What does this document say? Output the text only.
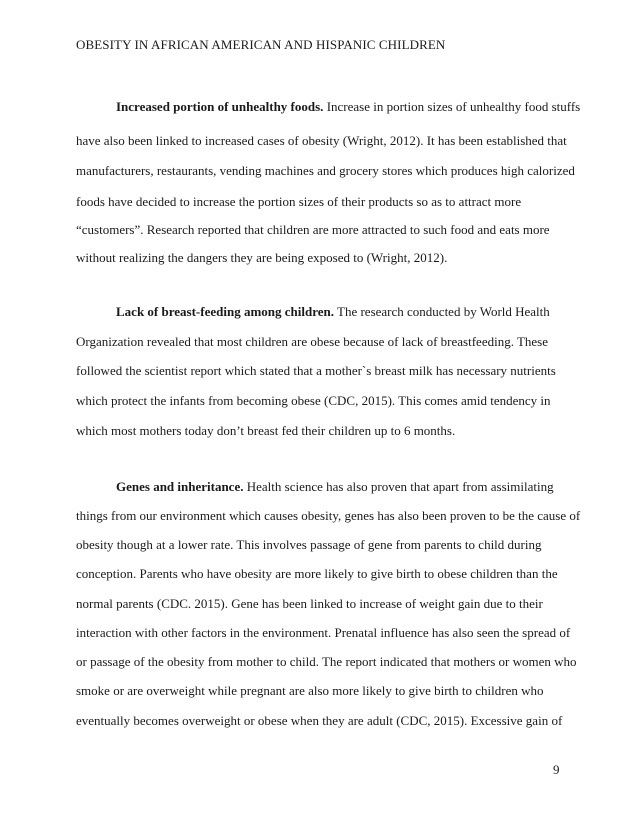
OBESITY IN AFRICAN AMERICAN AND HISPANIC CHILDREN
Increased portion of unhealthy foods. Increase in portion sizes of unhealthy food stuffs
have also been linked to increased cases of obesity (Wright, 2012). It has been established that
manufacturers, restaurants, vending machines and grocery stores which produces high calorized
foods have decided to increase the portion sizes of their products so as to attract more
“customers”. Research reported that children are more attracted to such food and eats more
without realizing the dangers they are being exposed to (Wright, 2012).
Lack of breast-feeding among children. The research conducted by World Health
Organization revealed that most children are obese because of lack of breastfeeding. These
followed the scientist report which stated that a mother`s breast milk has necessary nutrients
which protect the infants from becoming obese (CDC, 2015). This comes amid tendency in
which most mothers today don’t breast fed their children up to 6 months.
Genes and inheritance. Health science has also proven that apart from assimilating
things from our environment which causes obesity, genes has also been proven to be the cause of
obesity though at a lower rate. This involves passage of gene from parents to child during
conception. Parents who have obesity are more likely to give birth to obese children than the
normal parents (CDC. 2015). Gene has been linked to increase of weight gain due to their
interaction with other factors in the environment. Prenatal influence has also seen the spread of
or passage of the obesity from mother to child. The report indicated that mothers or women who
smoke or are overweight while pregnant are also more likely to give birth to children who
eventually becomes overweight or obese when they are adult (CDC, 2015). Excessive gain of
9
